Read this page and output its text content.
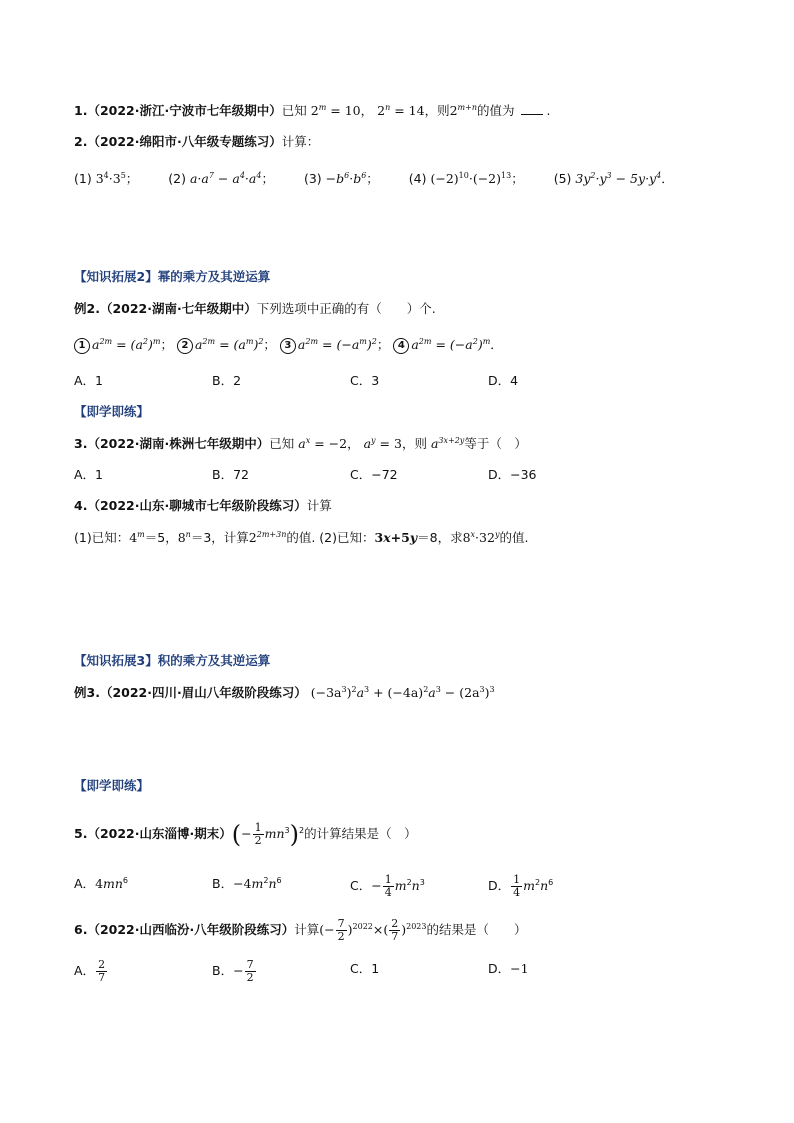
1.（2022·浙江·宁波市七年级期中）已知 $2^m = 10$， $2^n = 14$，则$2^{m+n}$的值为	.
2.（2022·绵阳市·八年级专题练习）计算：
(1) $3^4\cdot 3^5$； (2) $a\cdot a^7 - a^4\cdot a^4$； $(3) -b^6\cdot b^6$； (4) $(-2)^{10}\cdot(-2)^{13}$； (5) $3y^2\cdot y^3 - 5y\cdot y^4$．
【知识拓展2】幂的乘方及其逆运算
例2.（2022·湖南·七年级期中）下列选项中正确的有（　　）个.
1 $a^{2m} = (a^2)^m$； 2 $a^{2m} = (a^m)^2$； 3 $a^{2m} = (-a^m)^2$； 4 $a^{2m} = (-a^2)^m$．
A．1	B．2	C．3	D．4
【即学即练】
3.（2022·湖南·株洲七年级期中）已知 $a^x = -2$， $a^y = 3$，则 $a^{3x+2y}$等于（　）
A．1	B．72	C．−72	D．−36
4.（2022·山东·聊城市七年级阶段练习）计算
(1)已知：$4^m=5$，$8^n=3$，计算$2^{2m+3n}$的值. (2)已知：3x+5y＝8，求$8^x\cdot 32^y$的值.
【知识拓展3】积的乘方及其逆运算
例3.（2022·四川·眉山八年级阶段练习） $(-3a^3)^2a^3 + (-4a)^2a^3 - (2a^3)^3$
【即学即练】
5.（2022·山东淄博·期末）(− $\frac{1}{2} mn^3)^2$的计算结果是（　）
A．$4mn^6$	B．$-4m^2n^6$	C．− $\frac{1}{4} m^2n^3$	D． $\frac{1}{4} m^2n^6$
6.（2022·山西临汾·八年级阶段练习）计算(− $\frac{7}{2} )^{2022}\times( \frac{2}{7} )^{2023}$的结果是（　　）
A． $\frac{2}{7}$	B．− $\frac{7}{2}$	C．1	D．−1
